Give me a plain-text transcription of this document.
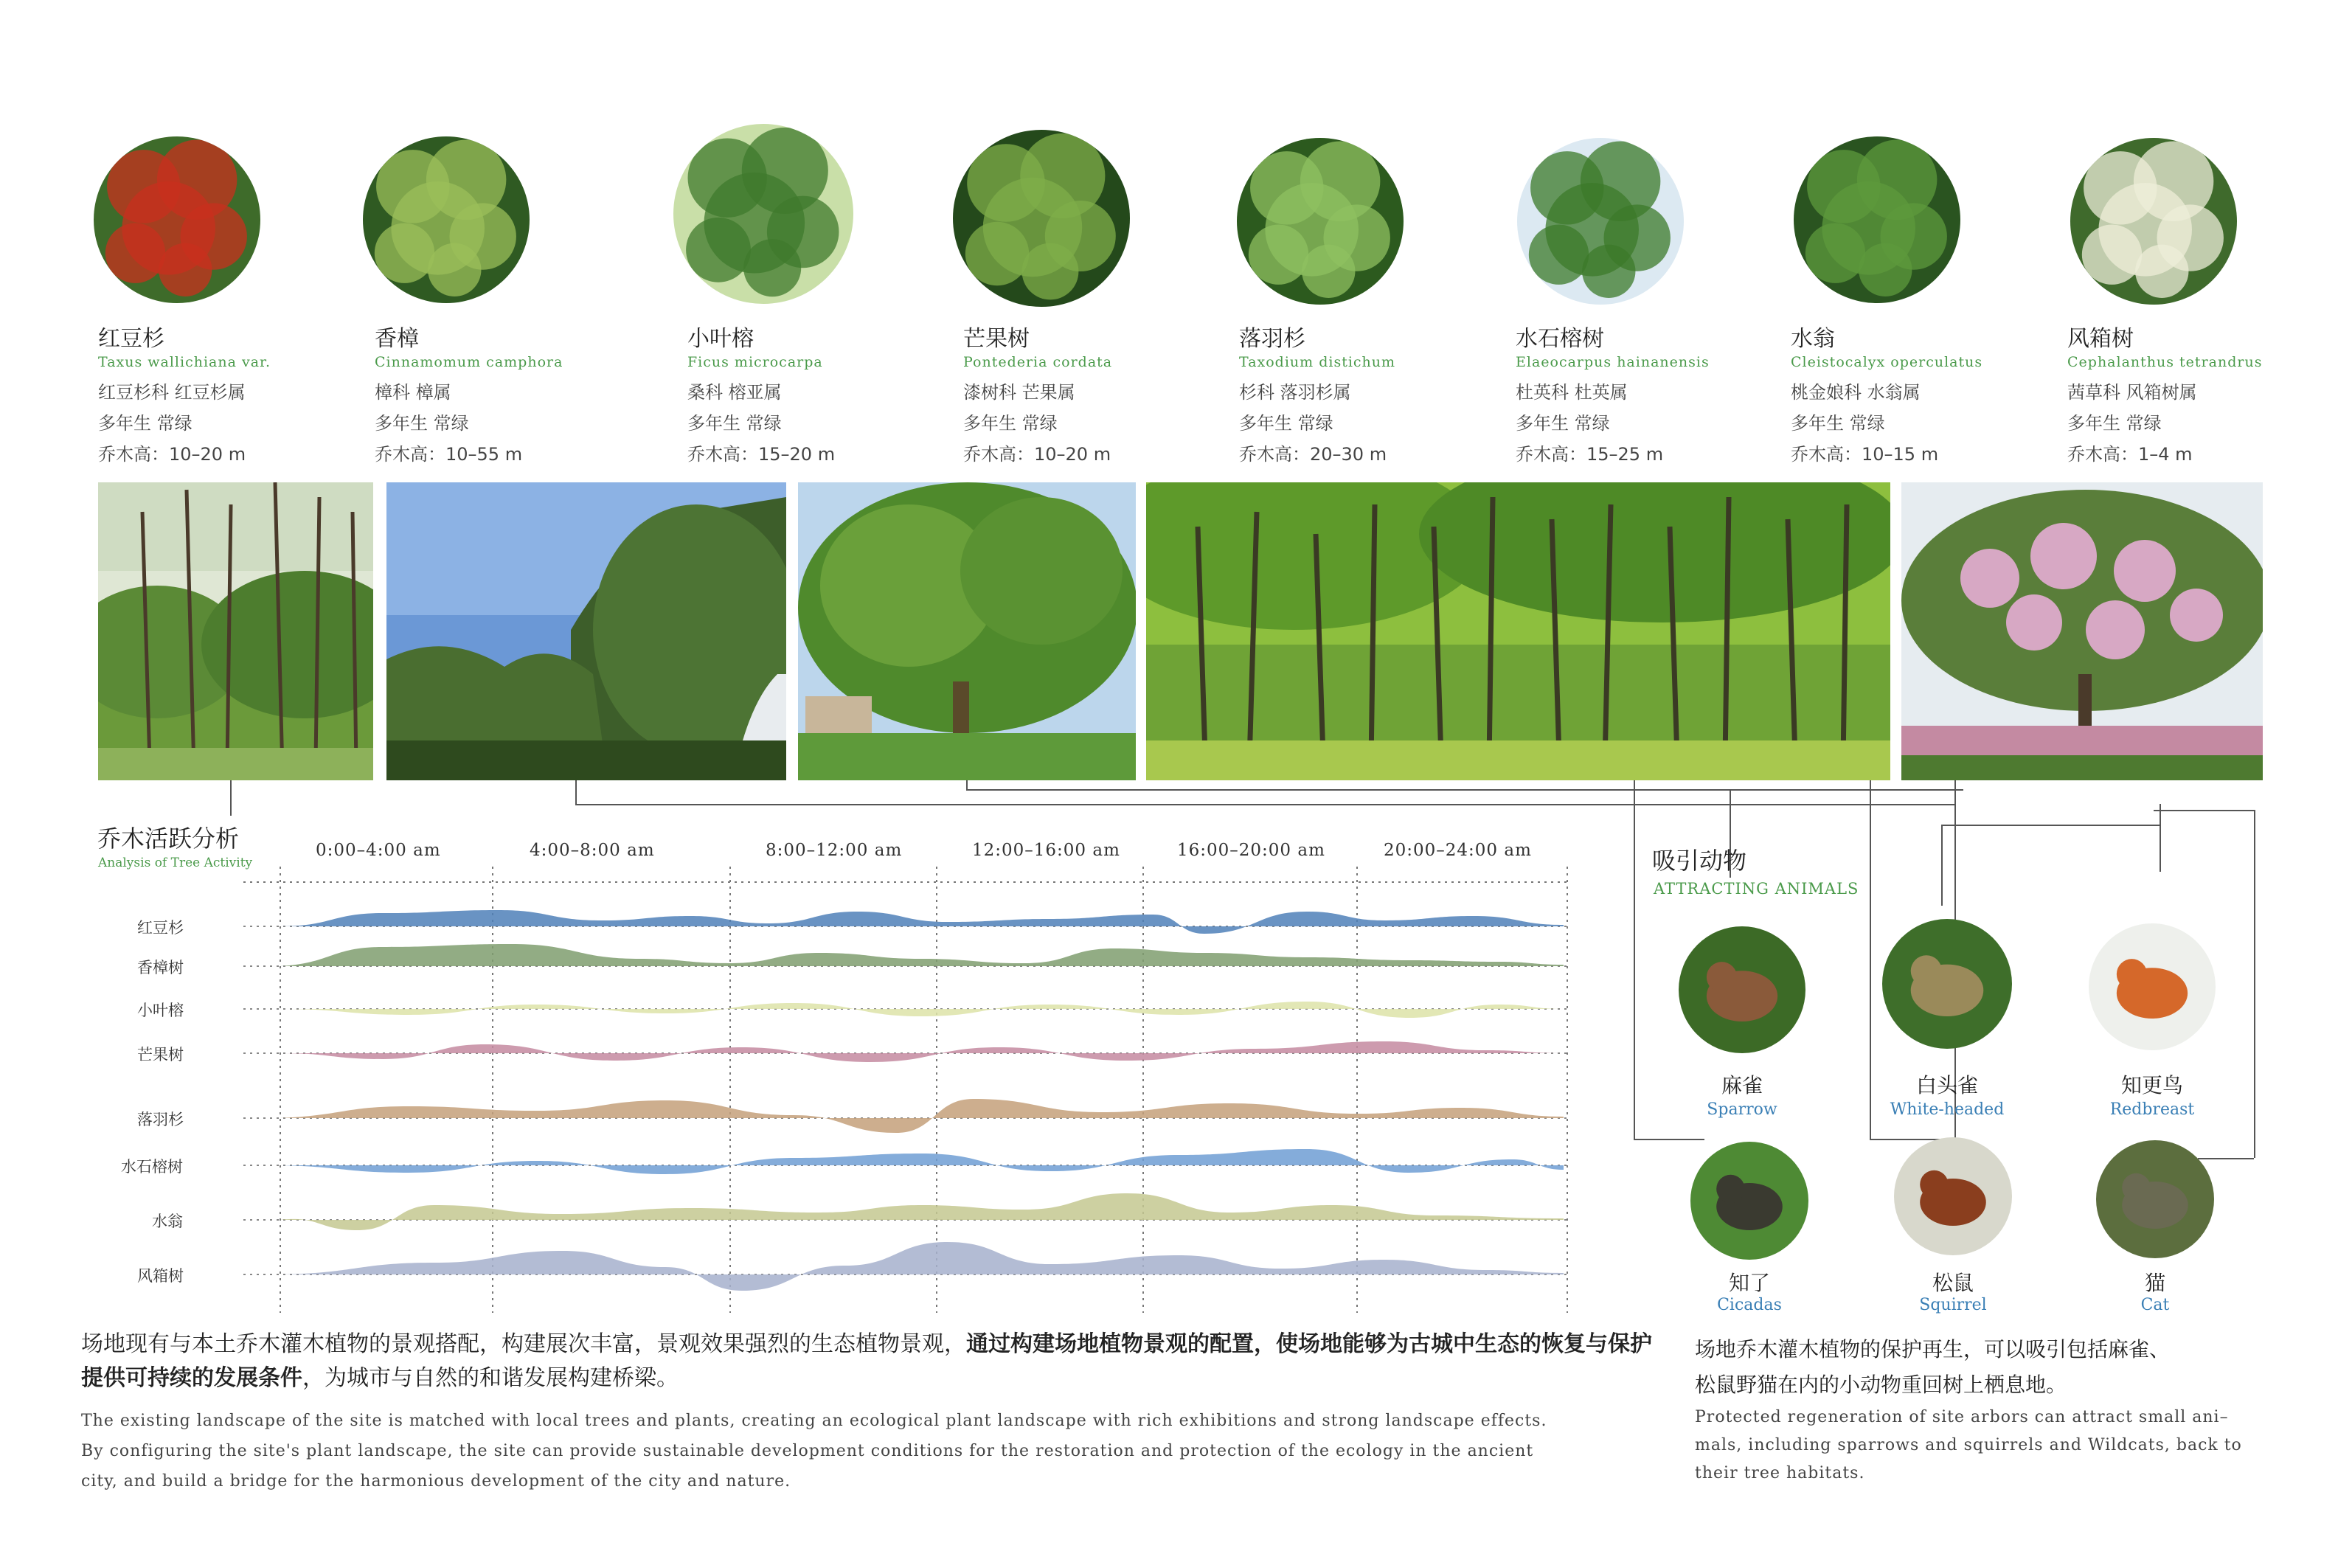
红豆杉
Taxus wallichiana var.
红豆杉科 红豆杉属
多年生 常绿
乔木高：10–20 m
香樟
Cinnamomum camphora
樟科 樟属
多年生 常绿
乔木高：10–55 m
小叶榕
Ficus microcarpa
桑科 榕亚属
多年生 常绿
乔木高：15–20 m
芒果树
Pontederia cordata
漆树科 芒果属
多年生 常绿
乔木高：10–20 m
落羽杉
Taxodium distichum
杉科 落羽杉属
多年生 常绿
乔木高：20–30 m
水石榕树
Elaeocarpus hainanensis
杜英科 杜英属
多年生 常绿
乔木高：15–25 m
水翁
Cleistocalyx operculatus
桃金娘科 水翁属
多年生 常绿
乔木高：10–15 m
风箱树
Cephalanthus tetrandrus
茜草科 风箱树属
多年生 常绿
乔木高：1–4 m
乔木活跃分析
Analysis of Tree Activity
0:00–4:00 am	4:00–8:00 am	8:00–12:00 am	12:00–16:00 am	16:00–20:00 am	20:00–24:00 am
红豆杉
香樟树
小叶榕
芒果树
落羽杉
水石榕树
水翁
风箱树
吸引动物
ATTRACTING ANIMALS
麻雀
Sparrow
白头雀
White-headed
知更鸟
Redbreast
知了
Cicadas
松鼠
Squirrel
猫
Cat
场地现有与本土乔木灌木植物的景观搭配，构建展次丰富，景观效果强烈的生态植物景观，通过构建场地植物景观的配置，使场地能够为古城中生态的恢复与保护提供可持续的发展条件，为城市与自然的和谐发展构建桥梁。
The existing landscape of the site is matched with local trees and plants, creating an ecological plant landscape with rich exhibitions and strong landscape effects.
By configuring the site's plant landscape, the site can provide sustainable development conditions for the restoration and protection of the ecology in the ancient
city, and build a bridge for the harmonious development of the city and nature.
场地乔木灌木植物的保护再生，可以吸引包括麻雀、
松鼠野猫在内的小动物重回树上栖息地。
Protected regeneration of site arbors can attract small ani–
mals, including sparrows and squirrels and Wildcats, back to
their tree habitats.
